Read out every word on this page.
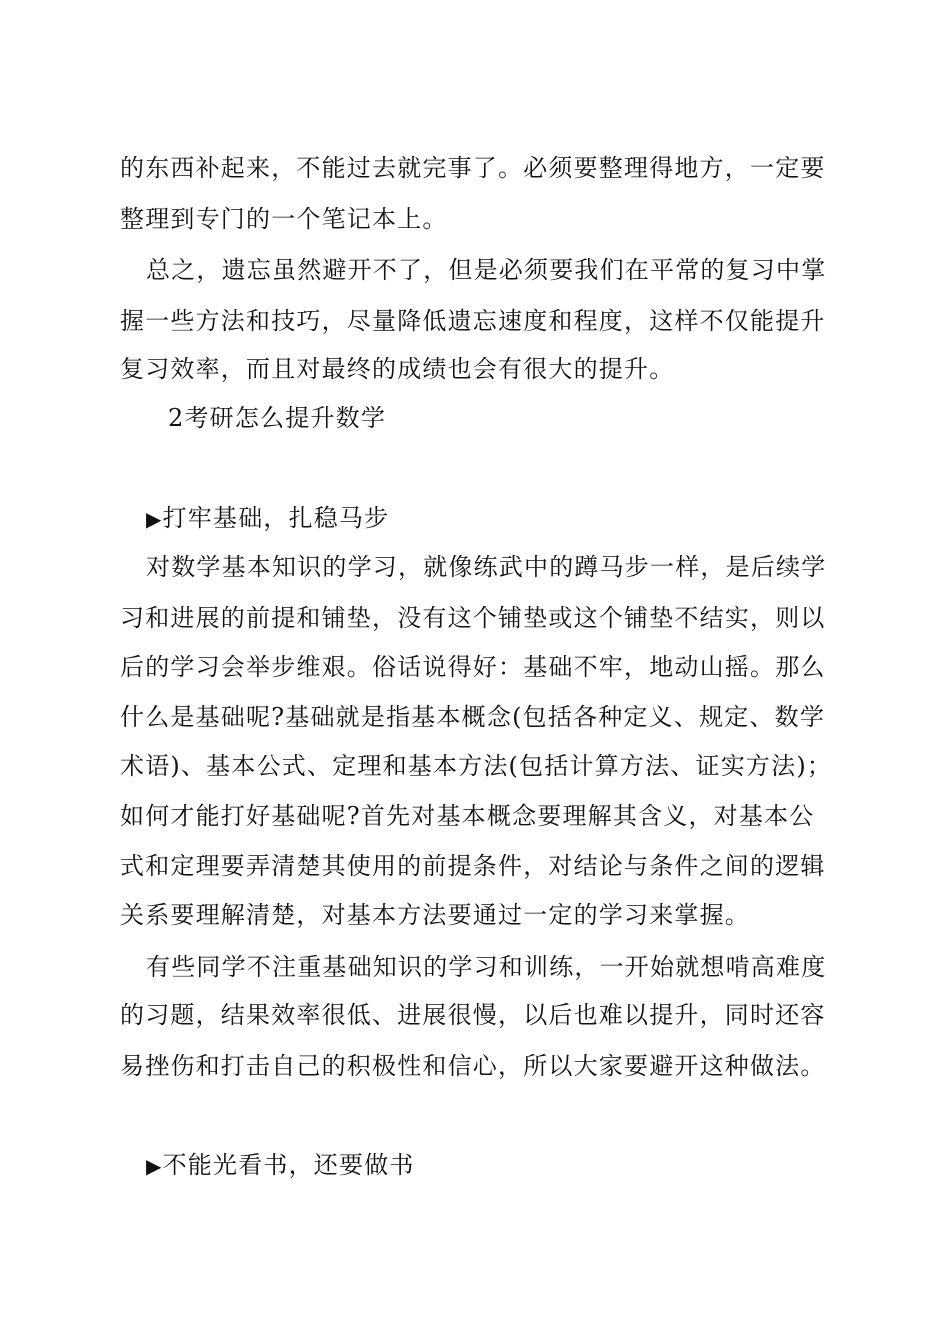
的东西补起来，不能过去就完事了。必须要整理得地方，一定要
整理到专门的一个笔记本上。
总之，遗忘虽然避开不了，但是必须要我们在平常的复习中掌
握一些方法和技巧，尽量降低遗忘速度和程度，这样不仅能提升
复习效率，而且对最终的成绩也会有很大的提升。
2考研怎么提升数学
▶打牢基础，扎稳马步
对数学基本知识的学习，就像练武中的蹲马步一样，是后续学
习和进展的前提和铺垫，没有这个铺垫或这个铺垫不结实，则以
后的学习会举步维艰。俗话说得好：基础不牢，地动山摇。那么
什么是基础呢?基础就是指基本概念(包括各种定义、规定、数学
术语)、基本公式、定理和基本方法(包括计算方法、证实方法)；
如何才能打好基础呢?首先对基本概念要理解其含义，对基本公
式和定理要弄清楚其使用的前提条件，对结论与条件之间的逻辑
关系要理解清楚，对基本方法要通过一定的学习来掌握。
有些同学不注重基础知识的学习和训练，一开始就想啃高难度
的习题，结果效率很低、进展很慢，以后也难以提升，同时还容
易挫伤和打击自己的积极性和信心，所以大家要避开这种做法。
▶不能光看书，还要做书
